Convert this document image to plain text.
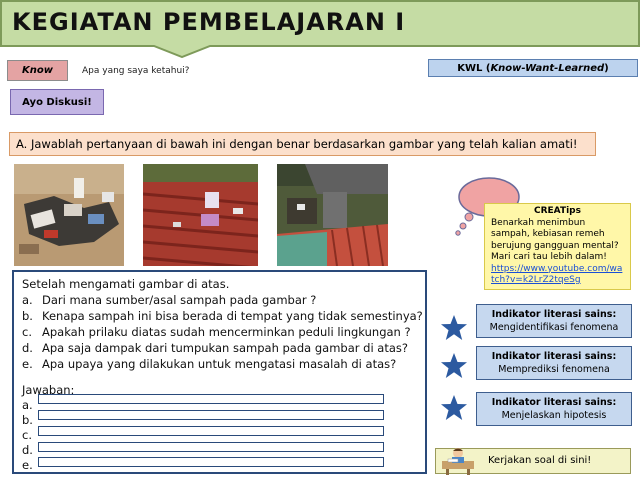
KEGIATAN PEMBELAJARAN I
Know	Apa yang saya ketahui?	KWL ( Know-Want-Learned )
Ayo Diskusi!
A. Jawablah pertanyaan di bawah ini dengan benar berdasarkan gambar yang telah kalian amati!
CREATips
Benarkah menimbun sampah, kebiasan remeh berujung gangguan mental?Mari cari tau lebih dalam!
https://www.youtube.com/watch?v=k2LrZ2tqeSg
Indikator literasi sains:
Mengidentifikasi fenomena
Indikator literasi sains:
Memprediksi fenomena
Indikator literasi sains:
Menjelaskan hipotesis
Setelah mengamati gambar di atas.
a. Dari mana sumber/asal sampah pada gambar ?
b. Kenapa sampah ini bisa berada di tempat yang tidak semestinya?
c. Apakah prilaku diatas sudah mencerminkan peduli lingkungan ?
d. Apa saja dampak dari tumpukan sampah pada gambar di atas?
e. Apa upaya yang dilakukan untuk mengatasi masalah di atas?
Jawaban:
a.
b.
c.
d.
e.	Kerjakan soal di sini!
